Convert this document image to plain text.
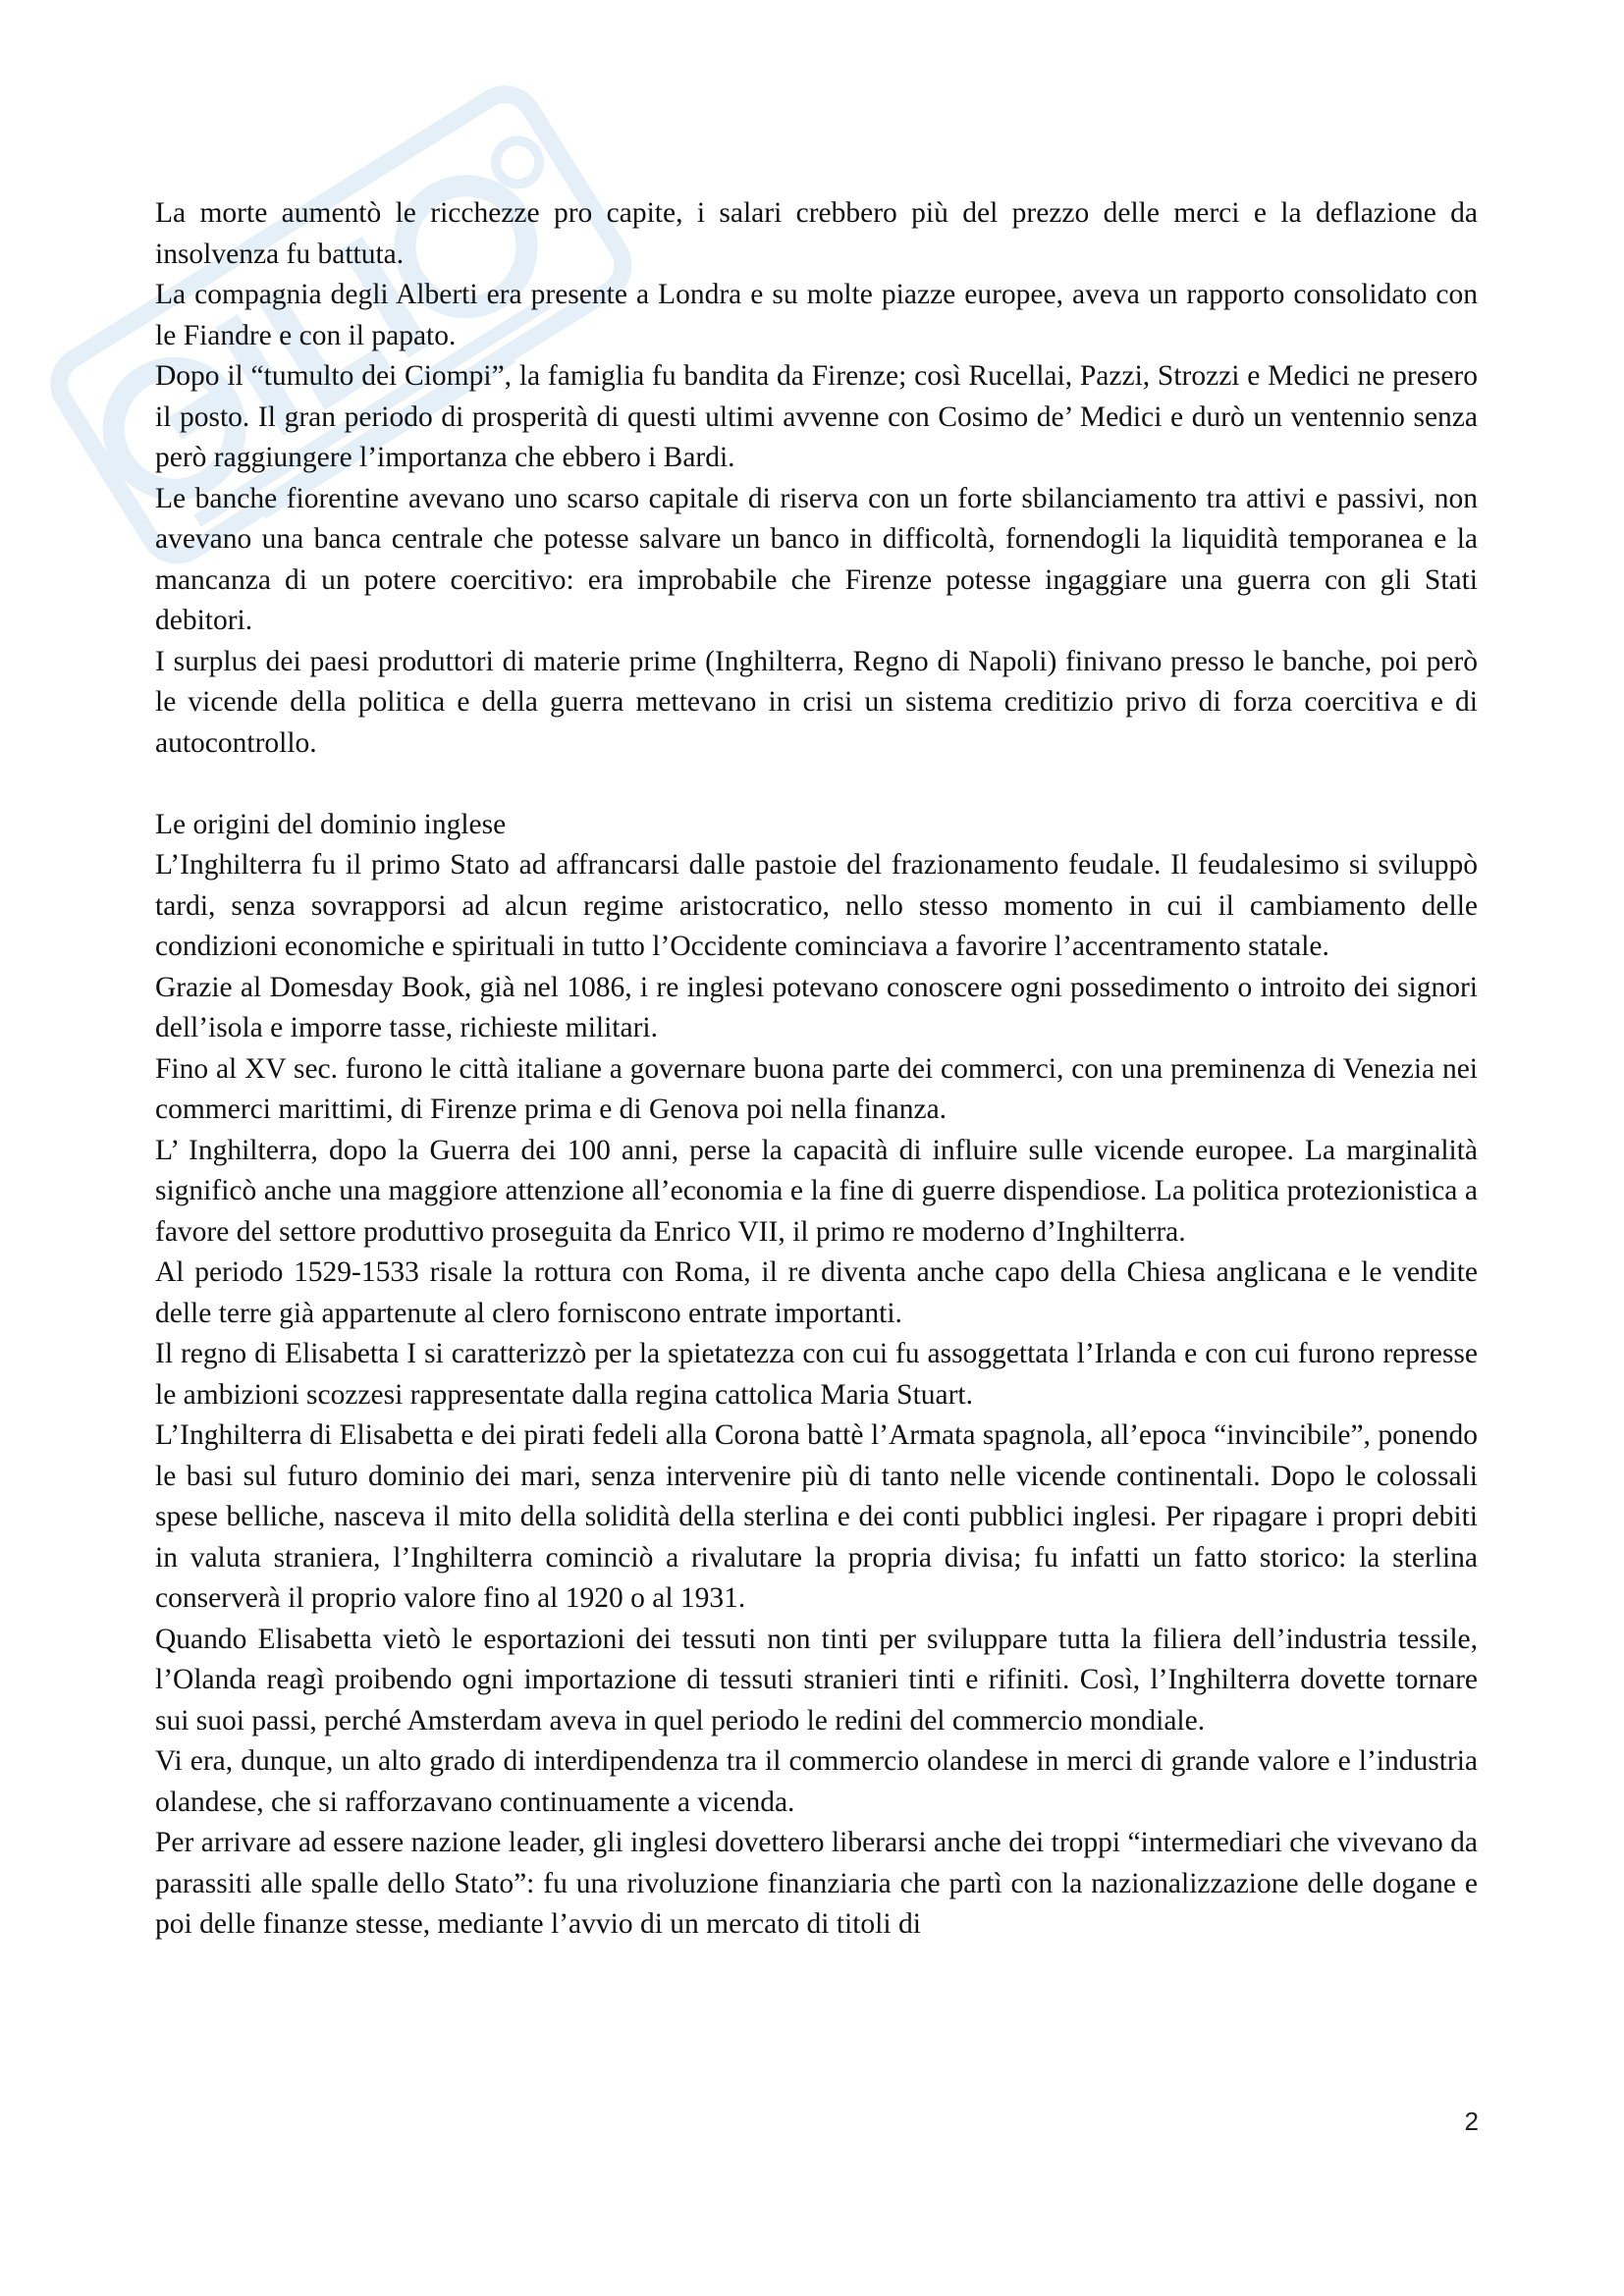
La morte aumentò le ricchezze pro capite, i salari crebbero più del prezzo delle merci e la deflazione da insolvenza fu battuta.

La compagnia degli Alberti era presente a Londra e su molte piazze europee, aveva un rapporto consolidato con le Fiandre e con il papato.

Dopo il “tumulto dei Ciompi”, la famiglia fu bandita da Firenze; così Rucellai, Pazzi, Strozzi e Medici ne presero il posto. Il gran periodo di prosperità di questi ultimi avvenne con Cosimo de’ Medici e durò un ventennio senza però raggiungere l’importanza che ebbero i Bardi.

Le banche fiorentine avevano uno scarso capitale di riserva con un forte sbilanciamento tra attivi e passivi, non avevano una banca centrale che potesse salvare un banco in difficoltà, fornendogli la liquidità temporanea e la mancanza di un potere coercitivo: era improbabile che Firenze potesse ingaggiare una guerra con gli Stati debitori.

I surplus dei paesi produttori di materie prime (Inghilterra, Regno di Napoli) finivano presso le banche, poi però le vicende della politica e della guerra mettevano in crisi un sistema creditizio privo di forza coercitiva e di autocontrollo.

Le origini del dominio inglese

L’Inghilterra fu il primo Stato ad affrancarsi dalle pastoie del frazionamento feudale. Il feudalesimo si sviluppò tardi, senza sovrapporsi ad alcun regime aristocratico, nello stesso momento in cui il cambiamento delle condizioni economiche e spirituali in tutto l’Occidente cominciava a favorire l’accentramento statale.

Grazie al Domesday Book, già nel 1086, i re inglesi potevano conoscere ogni possedimento o introito dei signori dell’isola e imporre tasse, richieste militari.

Fino al XV sec. furono le città italiane a governare buona parte dei commerci, con una preminenza di Venezia nei commerci marittimi, di Firenze prima e di Genova poi nella finanza.

L’ Inghilterra, dopo la Guerra dei 100 anni, perse la capacità di influire sulle vicende europee. La marginalità significò anche una maggiore attenzione all’economia e la fine di guerre dispendiose. La politica protezionistica a favore del settore produttivo proseguita da Enrico VII, il primo re moderno d’Inghilterra.

Al periodo 1529-1533 risale la rottura con Roma, il re diventa anche capo della Chiesa anglicana e le vendite delle terre già appartenute al clero forniscono entrate importanti.

Il regno di Elisabetta I si caratterizzò per la spietatezza con cui fu assoggettata l’Irlanda e con cui furono represse le ambizioni scozzesi rappresentate dalla regina cattolica Maria Stuart.

L’Inghilterra di Elisabetta e dei pirati fedeli alla Corona battè l’Armata spagnola, all’epoca “invincibile”, ponendo le basi sul futuro dominio dei mari, senza intervenire più di tanto nelle vicende continentali. Dopo le colossali spese belliche, nasceva il mito della solidità della sterlina e dei conti pubblici inglesi. Per ripagare i propri debiti in valuta straniera, l’Inghilterra cominciò a rivalutare la propria divisa; fu infatti un fatto storico: la sterlina conserverà il proprio valore fino al 1920 o al 1931.

Quando Elisabetta vietò le esportazioni dei tessuti non tinti per sviluppare tutta la filiera dell’industria tessile, l’Olanda reagì proibendo ogni importazione di tessuti stranieri tinti e rifiniti. Così, l’Inghilterra dovette tornare sui suoi passi, perché Amsterdam aveva in quel periodo le redini del commercio mondiale.

Vi era, dunque, un alto grado di interdipendenza tra il commercio olandese in merci di grande valore e l’industria olandese, che si rafforzavano continuamente a vicenda.

Per arrivare ad essere nazione leader, gli inglesi dovettero liberarsi anche dei troppi “intermediari che vivevano da parassiti alle spalle dello Stato”: fu una rivoluzione finanziaria che partì con la nazionalizzazione delle dogane e poi delle finanze stesse, mediante l’avvio di un mercato di titoli di

2
